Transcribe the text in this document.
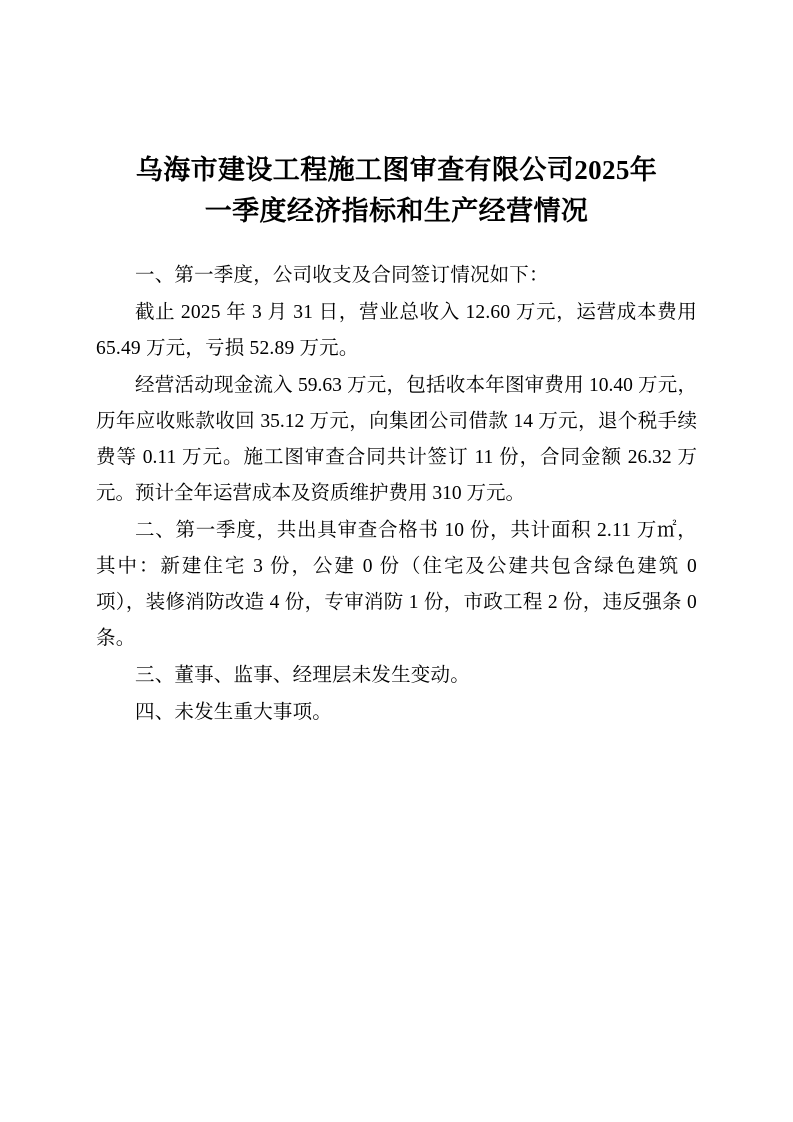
乌海市建设工程施工图审查有限公司2025年
一季度经济指标和生产经营情况

一、第一季度，公司收支及合同签订情况如下：

截止 2025 年 3 月 31 日，营业总收入 12.60 万元，运营成本费用 65.49 万元，亏损 52.89 万元。

经营活动现金流入 59.63 万元，包括收本年图审费用 10.40 万元，历年应收账款收回 35.12 万元，向集团公司借款 14 万元，退个税手续费等 0.11 万元。施工图审查合同共计签订 11 份，合同金额 26.32 万元。预计全年运营成本及资质维护费用 310 万元。

二、第一季度，共出具审查合格书 10 份，共计面积 2.11 万㎡，其中：新建住宅 3 份，公建 0 份（住宅及公建共包含绿色建筑 0 项），装修消防改造 4 份，专审消防 1 份，市政工程 2 份，违反强条 0 条。

三、董事、监事、经理层未发生变动。

四、未发生重大事项。
